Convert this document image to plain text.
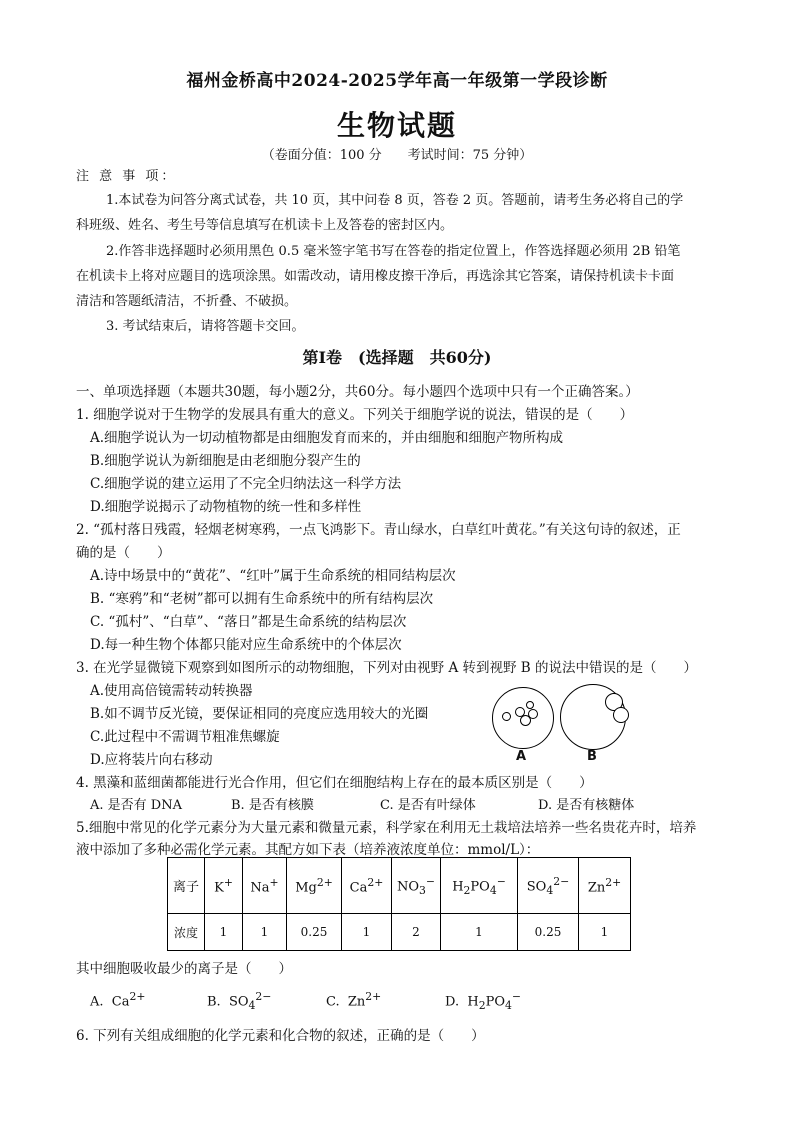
福州金桥高中2024-2025学年高一年级第一学段诊断
生物试题
（卷面分值：100 分　　考试时间：75 分钟）
注 意 事 项：
1.本试卷为问答分离式试卷，共 10 页，其中问卷 8 页，答卷 2 页。答题前，请考生务必将自己的学
科班级、姓名、考生号等信息填写在机读卡上及答卷的密封区内。
2.作答非选择题时必须用黑色 0.5 毫米签字笔书写在答卷的指定位置上，作答选择题必须用 2B 铅笔
在机读卡上将对应题目的选项涂黑。如需改动，请用橡皮擦干净后，再选涂其它答案，请保持机读卡卡面
清洁和答题纸清洁，不折叠、不破损。
3. 考试结束后，请将答题卡交回。
第Ⅰ卷　(选择题　共60分)
一、单项选择题（本题共30题，每小题2分，共60分。每小题四个选项中只有一个正确答案。）
1. 细胞学说对于生物学的发展具有重大的意义。下列关于细胞学说的说法，错误的是（　　）
A.细胞学说认为一切动植物都是由细胞发育而来的，并由细胞和细胞产物所构成
B.细胞学说认为新细胞是由老细胞分裂产生的
C.细胞学说的建立运用了不完全归纳法这一科学方法
D.细胞学说揭示了动物植物的统一性和多样性
2. “孤村落日残霞，轻烟老树寒鸦，一点飞鸿影下。青山绿水，白草红叶黄花。”有关这句诗的叙述，正
确的是（　　）
A.诗中场景中的“黄花”、“红叶”属于生命系统的相同结构层次
B. “寒鸦”和“老树”都可以拥有生命系统中的所有结构层次
C. “孤村”、“白草”、“落日”都是生命系统的结构层次
D.每一种生物个体都只能对应生命系统中的个体层次
3. 在光学显微镜下观察到如图所示的动物细胞，下列对由视野 A 转到视野 B 的说法中错误的是（　　）
A.使用高倍镜需转动转换器
B.如不调节反光镜，要保证相同的亮度应选用较大的光圈
C.此过程中不需调节粗准焦螺旋
D.应将装片向右移动	A	B
4. 黑藻和蓝细菌都能进行光合作用，但它们在细胞结构上存在的最本质区别是（　　）
A. 是否有 DNA	B. 是否有核膜	C. 是否有叶绿体	D. 是否有核糖体
5.细胞中常见的化学元素分为大量元素和微量元素，科学家在利用无土栽培法培养一些名贵花卉时，培养
液中添加了多种必需化学元素。其配方如下表（培养液浓度单位：mmol/L）：
离子	K+	Na+	$Mg^{2+}$	$Ca^{2+}$	$NO_3^-$	$H_2PO_4^-$	$SO_4^{2-}$	$Zn^{2+}$
浓度	1	1	0.25	1	2	1	0.25	1
其中细胞吸收最少的离子是（　　）
A. $Ca^{2+}$	B. $SO_4^{2-}$	C. $Zn^{2+}$	D. $H_2PO_4^-$
6. 下列有关组成细胞的化学元素和化合物的叙述，正确的是（　　）
